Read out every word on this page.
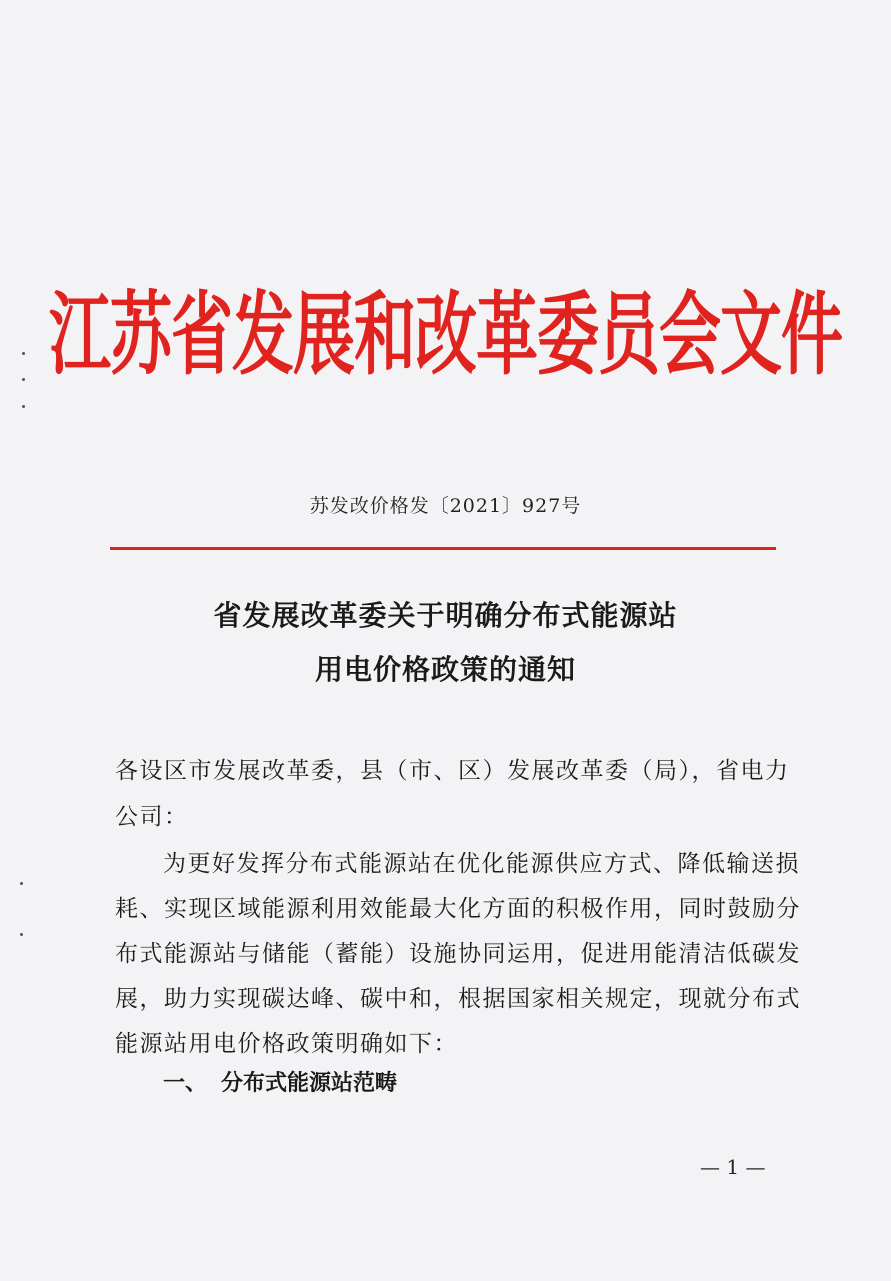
江苏省发展和改革委员会文件
苏发改价格发〔2021〕927号
省发展改革委关于明确分布式能源站
用电价格政策的通知
各设区市发展改革委，县（市、区）发展改革委（局），省电力
公司：
为更好发挥分布式能源站在优化能源供应方式、降低输送损
耗、实现区域能源利用效能最大化方面的积极作用，同时鼓励分
布式能源站与储能（蓄能）设施协同运用，促进用能清洁低碳发
展，助力实现碳达峰、碳中和，根据国家相关规定，现就分布式
能源站用电价格政策明确如下：
一、 分布式能源站范畴
— 1 —
